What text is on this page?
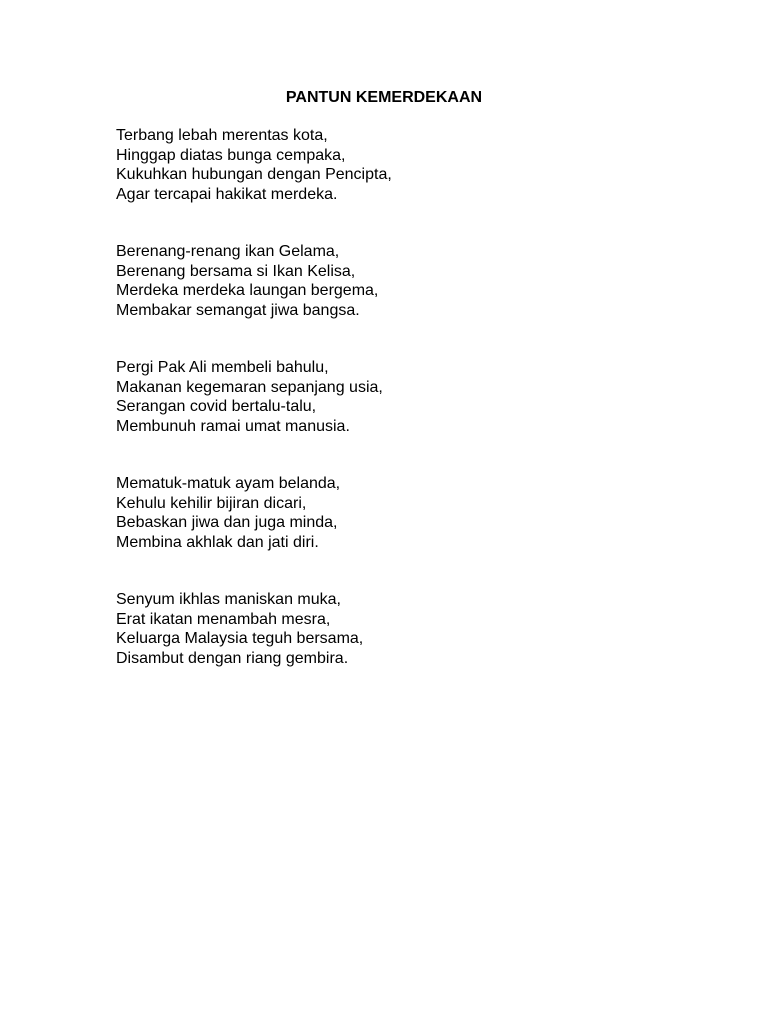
PANTUN KEMERDEKAAN
Terbang lebah merentas kota,
Hinggap diatas bunga cempaka,
Kukuhkan hubungan dengan Pencipta,
Agar tercapai hakikat merdeka.
Berenang-renang ikan Gelama,
Berenang bersama si Ikan Kelisa,
Merdeka merdeka laungan bergema,
Membakar semangat jiwa bangsa.
Pergi Pak Ali membeli bahulu,
Makanan kegemaran sepanjang usia,
Serangan covid bertalu-talu,
Membunuh ramai umat manusia.
Mematuk-matuk ayam belanda,
Kehulu kehilir bijiran dicari,
Bebaskan jiwa dan juga minda,
Membina akhlak dan jati diri.
Senyum ikhlas maniskan muka,
Erat ikatan menambah mesra,
Keluarga Malaysia teguh bersama,
Disambut dengan riang gembira.
